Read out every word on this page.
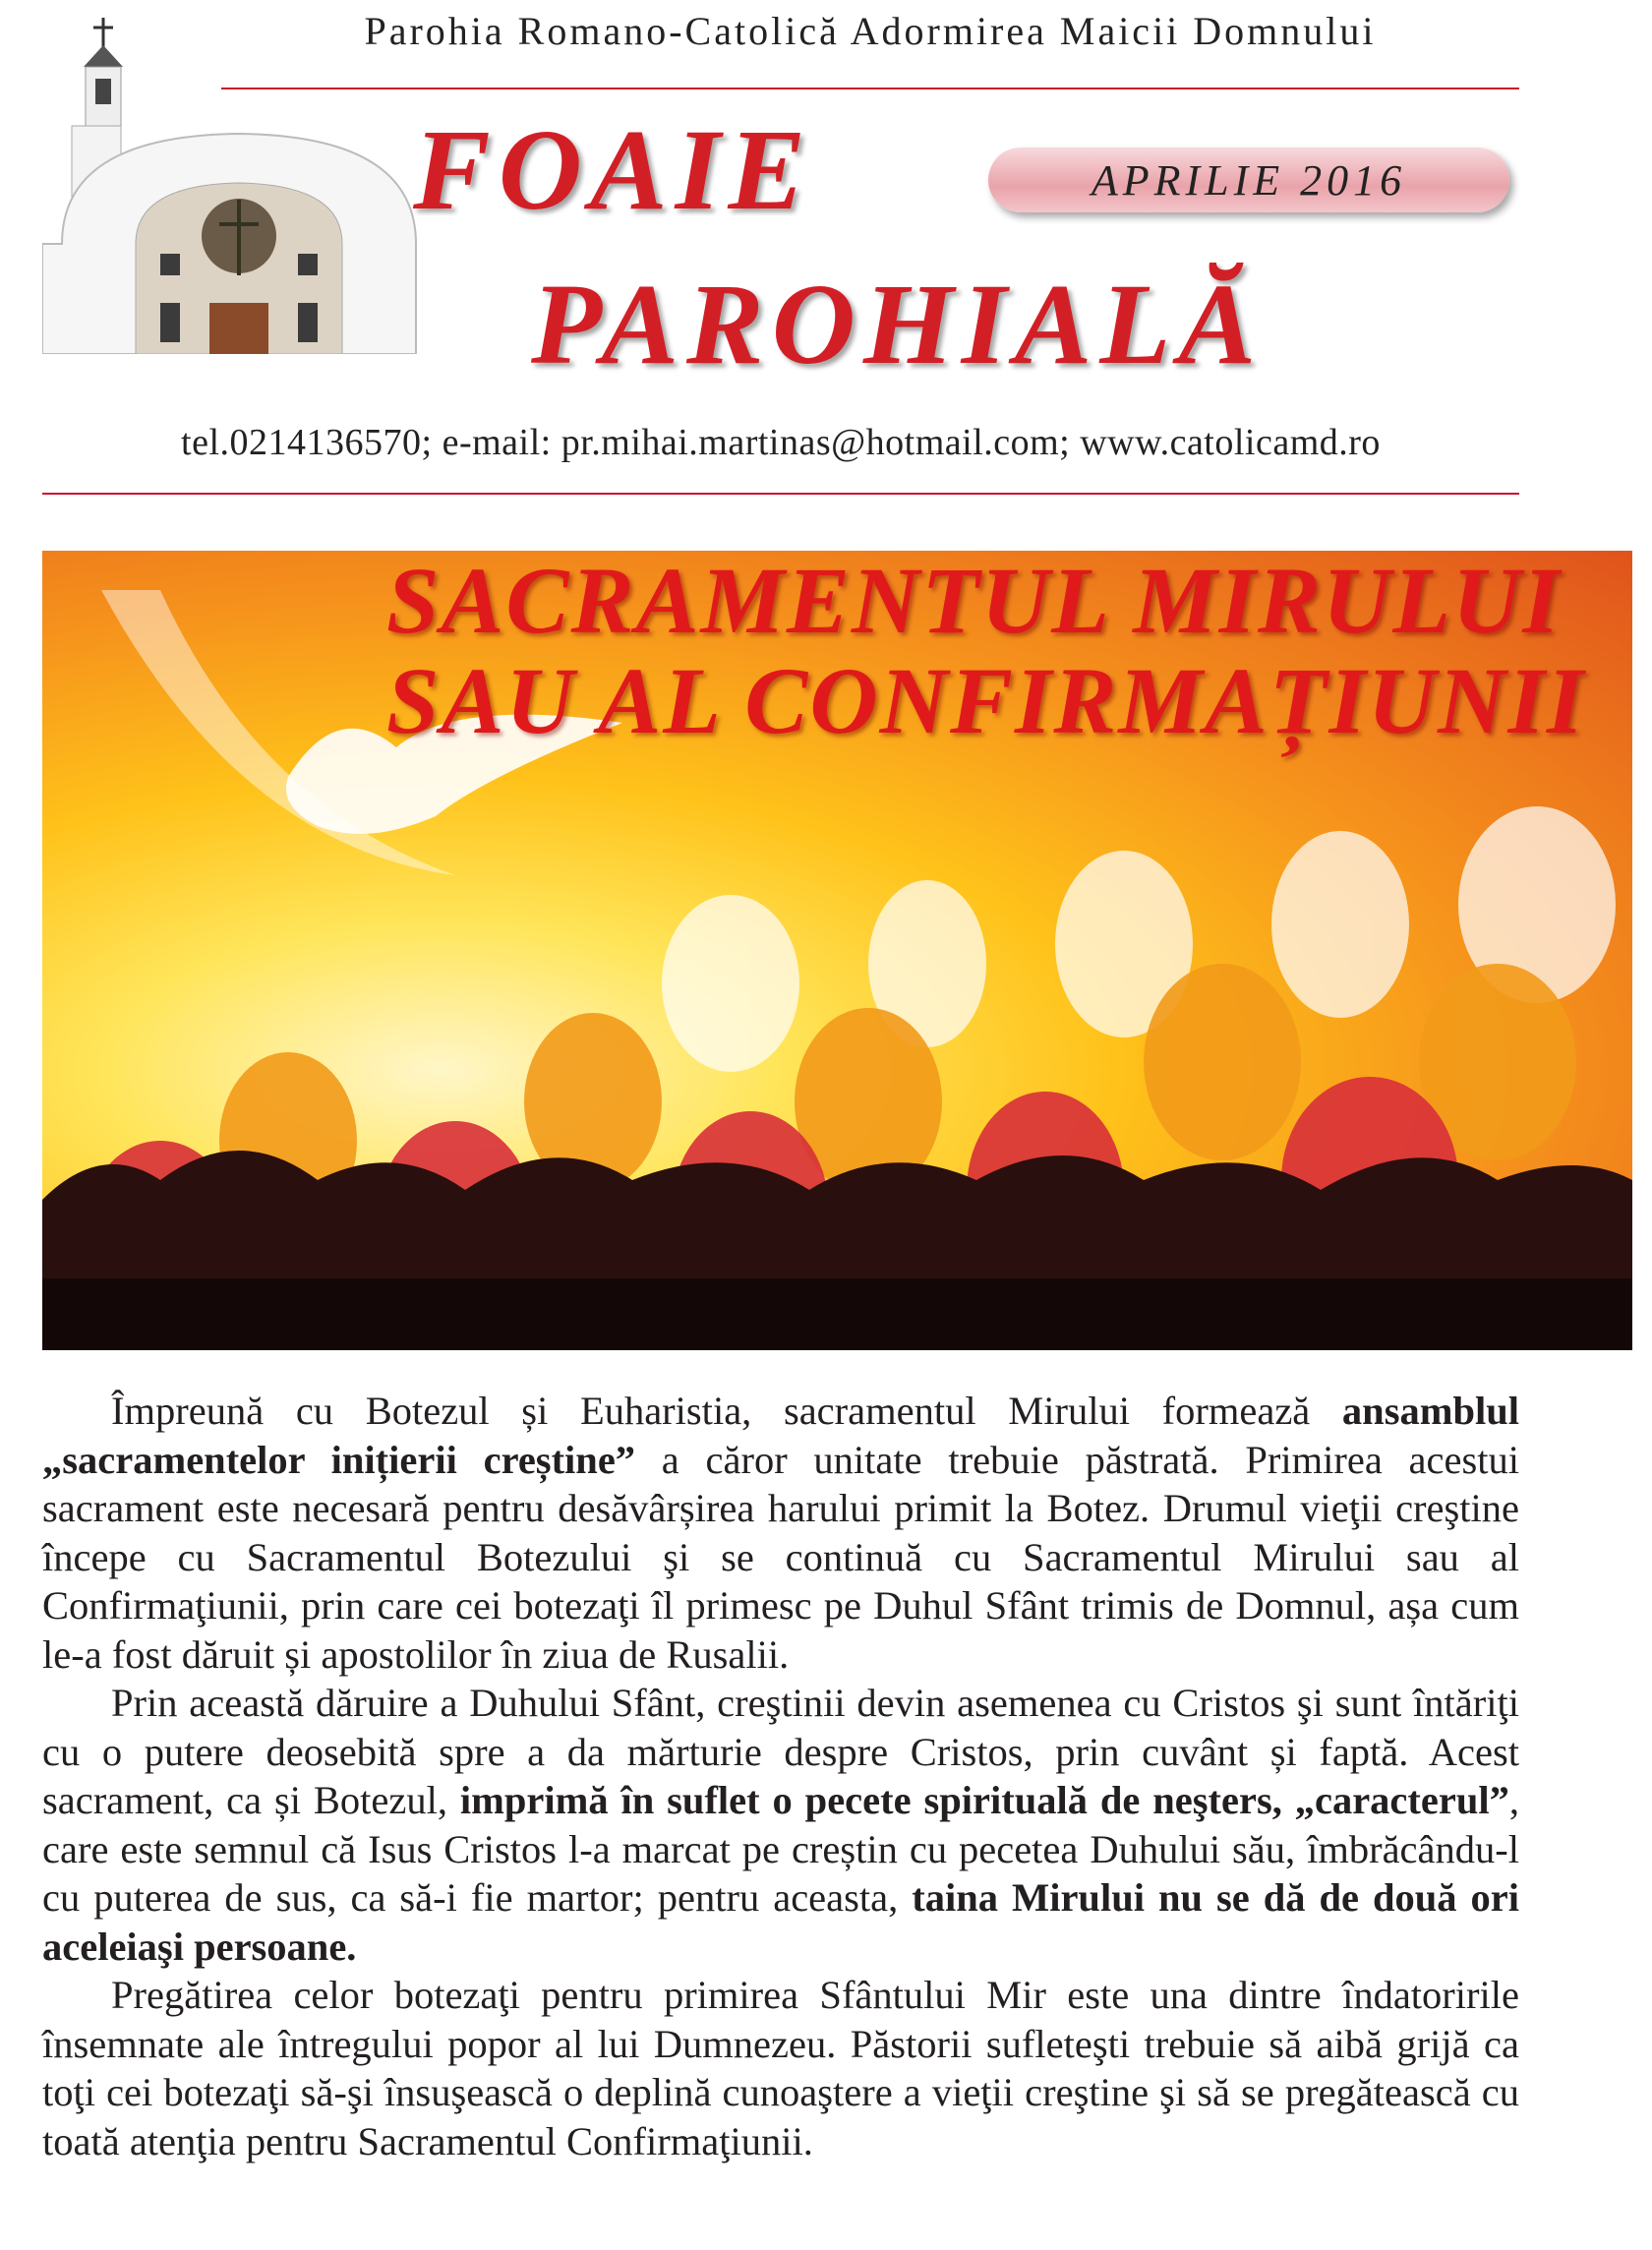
Parohia Romano-Catolică Adormirea Maicii Domnului
FOAIE
PAROHIALĂ
APRILIE 2016
tel.0214136570; e-mail: pr.mihai.martinas@hotmail.com; www.catolicamd.ro
SACRAMENTUL MIRULUI
SAU AL CONFIRMAȚIUNII

Împreună cu Botezul și Euharistia, sacramentul Mirului formează ansamblul „sacramentelor inițierii creștine” a căror unitate trebuie păstrată. Primirea acestui sacrament este necesară pentru desăvârșirea harului primit la Botez. Drumul vieţii creştine începe cu Sacramentul Botezului şi se continuă cu Sacramentul Mirului sau al Confirmaţiunii, prin care cei botezaţi îl primesc pe Duhul Sfânt trimis de Domnul, așa cum le-a fost dăruit și apostolilor în ziua de Rusalii.

Prin această dăruire a Duhului Sfânt, creştinii devin asemenea cu Cristos şi sunt întăriţi cu o putere deosebită spre a da mărturie despre Cristos, prin cuvânt și faptă. Acest sacrament, ca și Botezul, imprimă în suflet o pecete spirituală de neşters, „caracterul”, care este semnul că Isus Cristos l-a marcat pe creștin cu pecetea Duhului său, îmbrăcându-l cu puterea de sus, ca să-i fie martor; pentru aceasta, taina Mirului nu se dă de două ori aceleiaşi persoane.

Pregătirea celor botezaţi pentru primirea Sfântului Mir este una dintre îndatoririle însemnate ale întregului popor al lui Dumnezeu. Păstorii sufleteşti trebuie să aibă grijă ca toţi cei botezaţi să-şi însuşească o deplină cunoaştere a vieţii creştine şi să se pregătească cu toată atenţia pentru Sacramentul Confirmaţiunii.
